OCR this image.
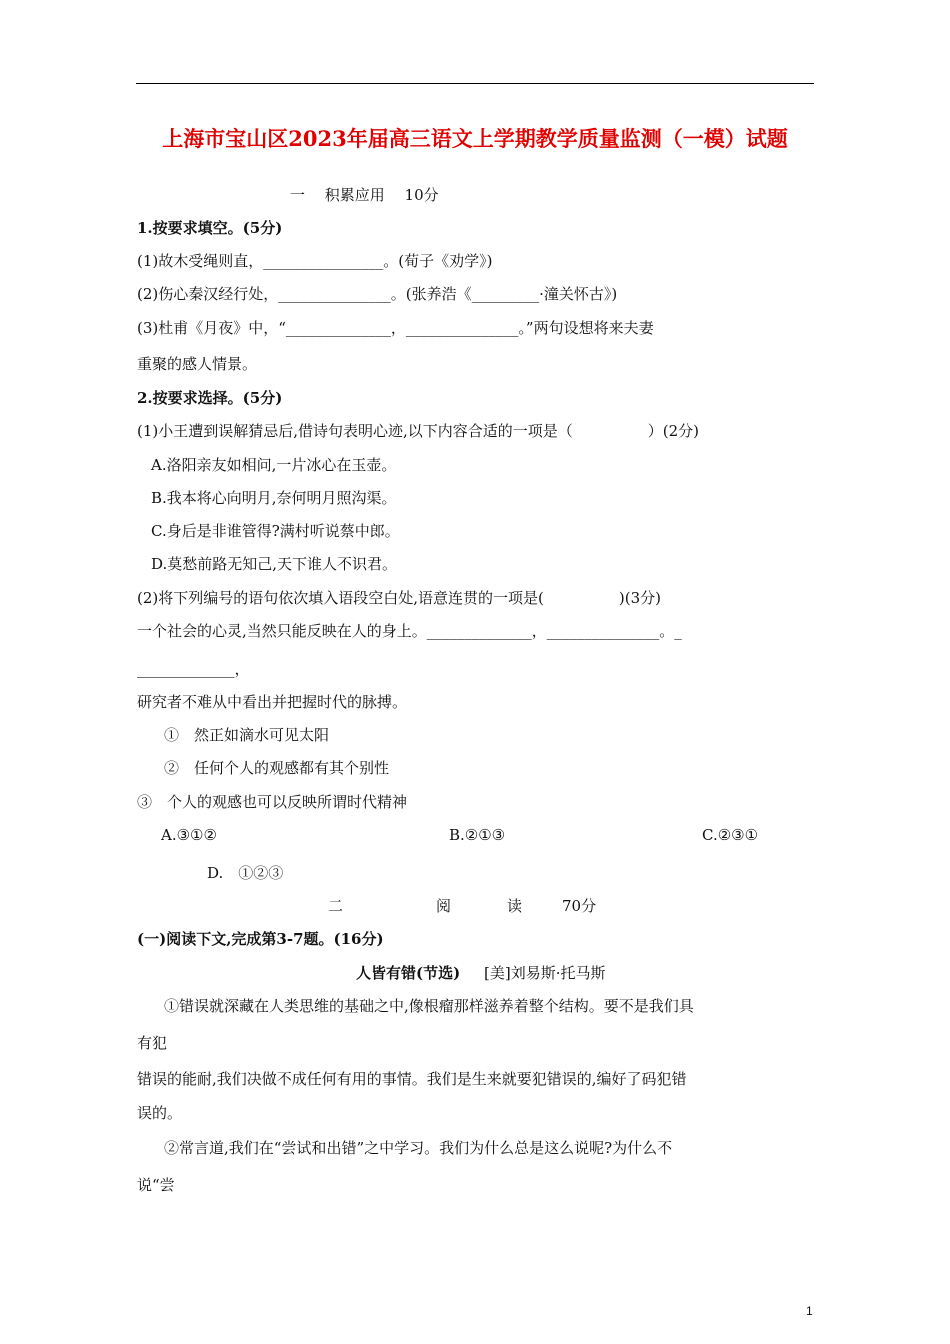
上海市宝山区2023年届高三语文上学期教学质量监测（一模）试题
一　 积累应用　 10分
1.按要求填空。(5分)
(1)故木受绳则直，________________。(荀子《劝学》)
(2)伤心秦汉经行处，_______________。(张养浩《_________·潼关怀古》)
(3)杜甫《月夜》中，“______________，_______________。”两句设想将来夫妻
重聚的感人情景。
2.按要求选择。(5分)
(1)小王遭到误解猜忌后,借诗句表明心迹,以下内容合适的一项是（　　　　　）(2分)
A.洛阳亲友如相问,一片冰心在玉壶。
B.我本将心向明月,奈何明月照沟渠。
C.身后是非谁管得?满村听说蔡中郎。
D.莫愁前路无知己,天下谁人不识君。
(2)将下列编号的语句依次填入语段空白处,语意连贯的一项是(　　　　　)(3分)
一个社会的心灵,当然只能反映在人的身上。______________，_______________。_
_____________，
研究者不难从中看出并把握时代的脉搏。
①　然正如滴水可见太阳
②　任何个人的观感都有其个别性
③　个人的观感也可以反映所谓时代精神
A.③①②	B.②①③	C.②③①
D.　①②③
二	阅	读	70分
(一)阅读下文,完成第3-7题。(16分)
人皆有错(节选) [美]刘易斯·托马斯
①错误就深藏在人类思维的基础之中,像根瘤那样滋养着整个结构。要不是我们具
有犯
错误的能耐,我们决做不成任何有用的事情。我们是生来就要犯错误的,编好了码犯错
误的。
②常言道,我们在“尝试和出错”之中学习。我们为什么总是这么说呢?为什么不
说“尝
1
